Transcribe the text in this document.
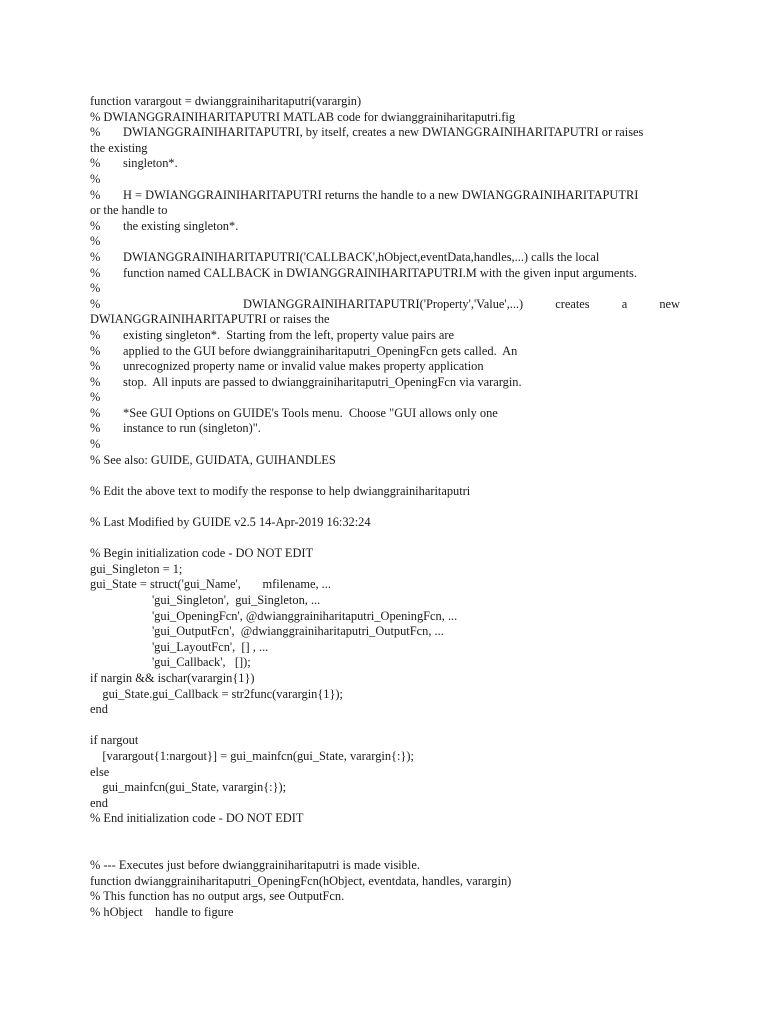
function varargout = dwianggrainiharitaputri(varargin)
% DWIANGGRAINIHARITAPUTRI MATLAB code for dwianggrainiharitaputri.fig
%	DWIANGGRAINIHARITAPUTRI, by itself, creates a new DWIANGGRAINIHARITAPUTRI or raises
the existing
%	singleton*.
%
%	H = DWIANGGRAINIHARITAPUTRI returns the handle to a new DWIANGGRAINIHARITAPUTRI
or the handle to
%	the existing singleton*.
%
%	DWIANGGRAINIHARITAPUTRI('CALLBACK',hObject,eventData,handles,...) calls the local
%	function named CALLBACK in DWIANGGRAINIHARITAPUTRI.M with the given input arguments.
%
%	DWIANGGRAINIHARITAPUTRI('Property','Value',...) creates a new
DWIANGGRAINIHARITAPUTRI or raises the
%	existing singleton*.  Starting from the left, property value pairs are
%	applied to the GUI before dwianggrainiharitaputri_OpeningFcn gets called.  An
%	unrecognized property name or invalid value makes property application
%	stop.  All inputs are passed to dwianggrainiharitaputri_OpeningFcn via varargin.
%
%	*See GUI Options on GUIDE's Tools menu.  Choose "GUI allows only one
%	instance to run (singleton)".
%
% See also: GUIDE, GUIDATA, GUIHANDLES
% Edit the above text to modify the response to help dwianggrainiharitaputri
% Last Modified by GUIDE v2.5 14-Apr-2019 16:32:24
% Begin initialization code - DO NOT EDIT
gui_Singleton = 1;
gui_State = struct('gui_Name',       mfilename, ...
'gui_Singleton',  gui_Singleton, ...
'gui_OpeningFcn', @dwianggrainiharitaputri_OpeningFcn, ...
'gui_OutputFcn',  @dwianggrainiharitaputri_OutputFcn, ...
'gui_LayoutFcn',  [] , ...
'gui_Callback',   []);
if nargin && ischar(varargin{1})
gui_State.gui_Callback = str2func(varargin{1});
end
if nargout
[varargout{1:nargout}] = gui_mainfcn(gui_State, varargin{:});
else
gui_mainfcn(gui_State, varargin{:});
end
% End initialization code - DO NOT EDIT
% --- Executes just before dwianggrainiharitaputri is made visible.
function dwianggrainiharitaputri_OpeningFcn(hObject, eventdata, handles, varargin)
% This function has no output args, see OutputFcn.
% hObject    handle to figure
